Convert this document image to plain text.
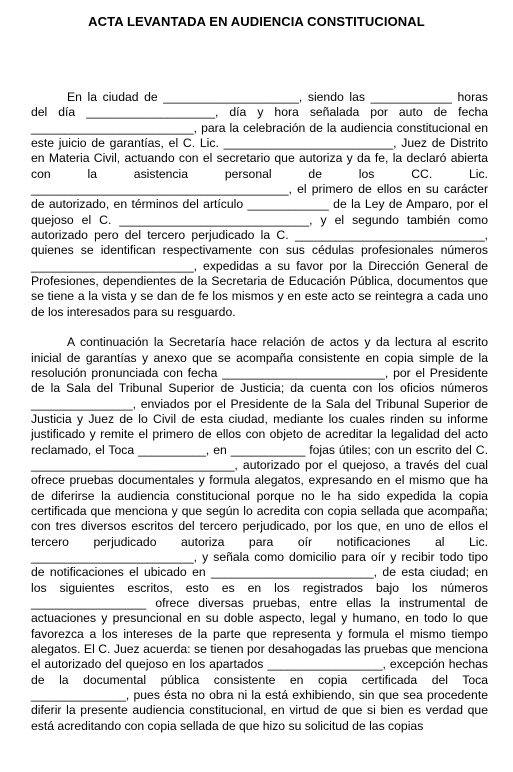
ACTA LEVANTADA EN AUDIENCIA CONSTITUCIONAL

En la ciudad de ____________________, siendo las ____________ horas del día ___________________, día y hora señalada por auto de fecha ________________________, para la celebración de la audiencia constitucional en este juicio de garantías, el C. Lic. _________________________, Juez de Distrito en Materia Civil, actuando con el secretario que autoriza y da fe, la declaró abierta con la asistencia personal de los CC. Lic. ______________________________________, el primero de ellos en su carácter de autorizado, en términos del artículo ____________ de la Ley de Amparo, por el quejoso el C. ____________________________, y el segundo también como autorizado pero del tercero perjudicado la C. ____________________________, quienes se identifican respectivamente con sus cédulas profesionales números ________________________, expedidas a su favor por la Dirección General de Profesiones, dependientes de la Secretaria de Educación Pública, documentos que se tiene a la vista y se dan de fe los mismos y en este acto se reintegra a cada uno de los interesados para su resguardo.

A continuación la Secretaría hace relación de actos y da lectura al escrito inicial de garantías y anexo que se acompaña consistente en copia simple de la resolución pronunciada con fecha ________________________, por el Presidente de la Sala del Tribunal Superior de Justicia; da cuenta con los oficios números _______________, enviados por el Presidente de la Sala del Tribunal Superior de Justicia y Juez de lo Civil de esta ciudad, mediante los cuales rinden su informe justificado y remite el primero de ellos con objeto de acreditar la legalidad del acto reclamado, el Toca __________, en ___________ fojas útiles; con un escrito del C. ______________________________, autorizado por el quejoso, a través del cual ofrece pruebas documentales y formula alegatos, expresando en el mismo que ha de diferirse la audiencia constitucional porque no le ha sido expedida la copia certificada que menciona y que según lo acredita con copia sellada que acompaña; con tres diversos escritos del tercero perjudicado, por los que, en uno de ellos el tercero perjudicado autoriza para oír notificaciones al Lic. ________________________, y señala como domicilio para oír y recibir todo tipo de notificaciones el ubicado en ________________________, de esta ciudad; en los siguientes escritos, esto es en los registrados bajo los números _________________ ofrece diversas pruebas, entre ellas la instrumental de actuaciones y presuncional en su doble aspecto, legal y humano, en todo lo que favorezca a los intereses de la parte que representa y formula el mismo tiempo alegatos. El C. Juez acuerda: se tienen por desahogadas las pruebas que menciona el autorizado del quejoso en los apartados _________________, excepción hechas de la documental pública consistente en copia certificada del Toca ______________, pues ésta no obra ni la está exhibiendo, sin que sea procedente diferir la presente audiencia constitucional, en virtud de que si bien es verdad que está acreditando con copia sellada de que hizo su solicitud de las copias
